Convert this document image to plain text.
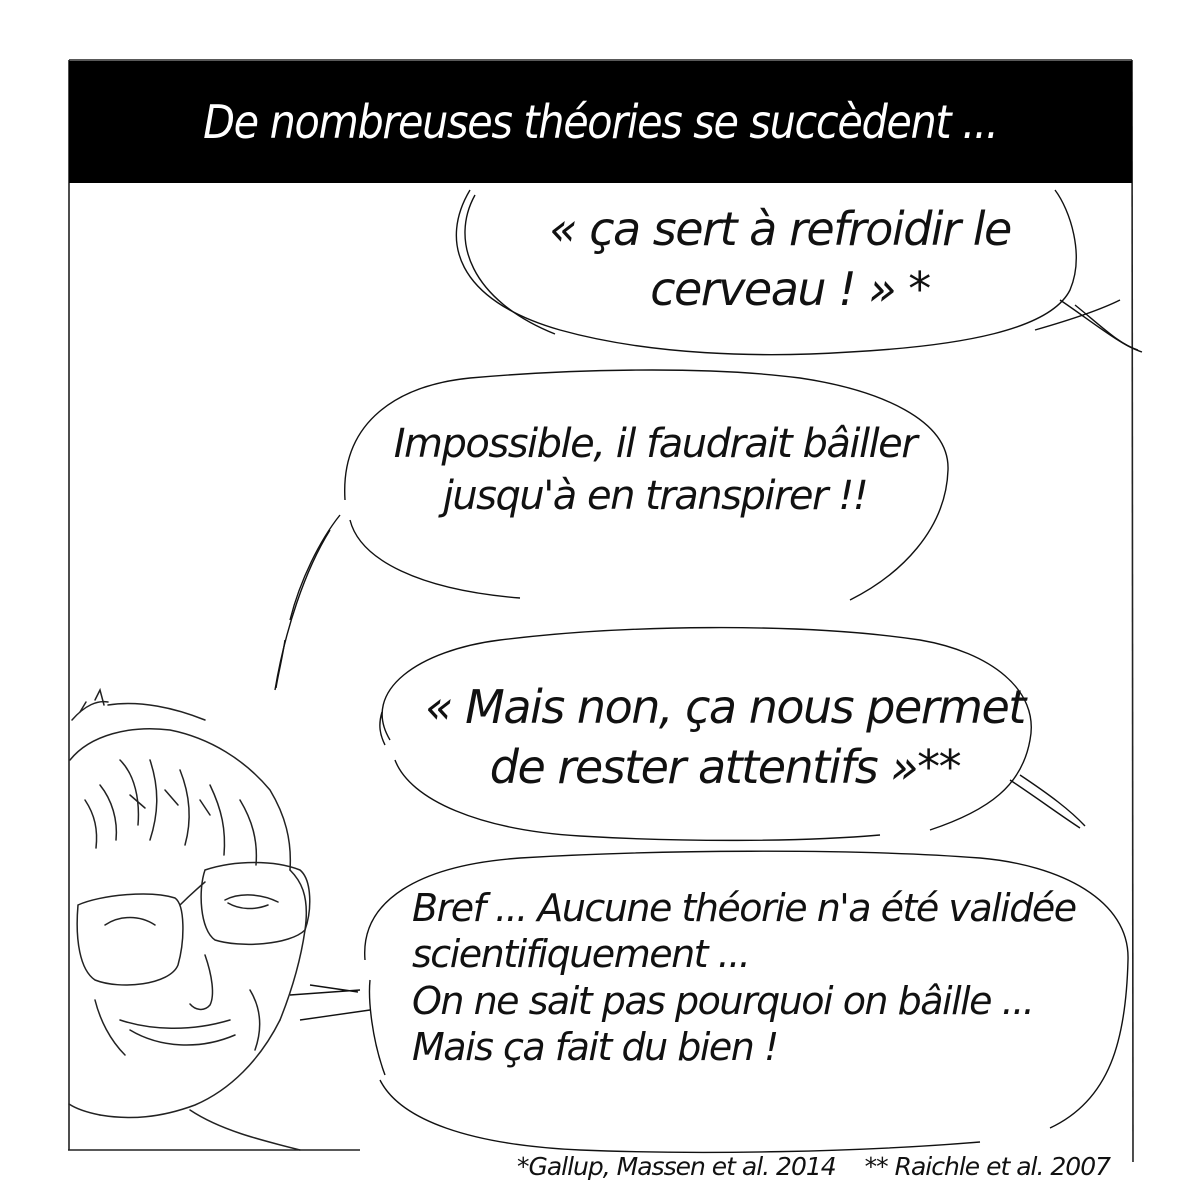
De nombreuses théories se succèdent ...
« ça sert à refroidir le
cerveau ! » *
Impossible, il faudrait bâiller
jusqu'à en transpirer !!
« Mais non, ça nous permet
de rester attentifs »**
Bref ... Aucune théorie n'a été validée
scientifiquement ...
On ne sait pas pourquoi on bâille ...
Mais ça fait du bien !
*Gallup, Massen et al. 2014 ** Raichle et al. 2007
